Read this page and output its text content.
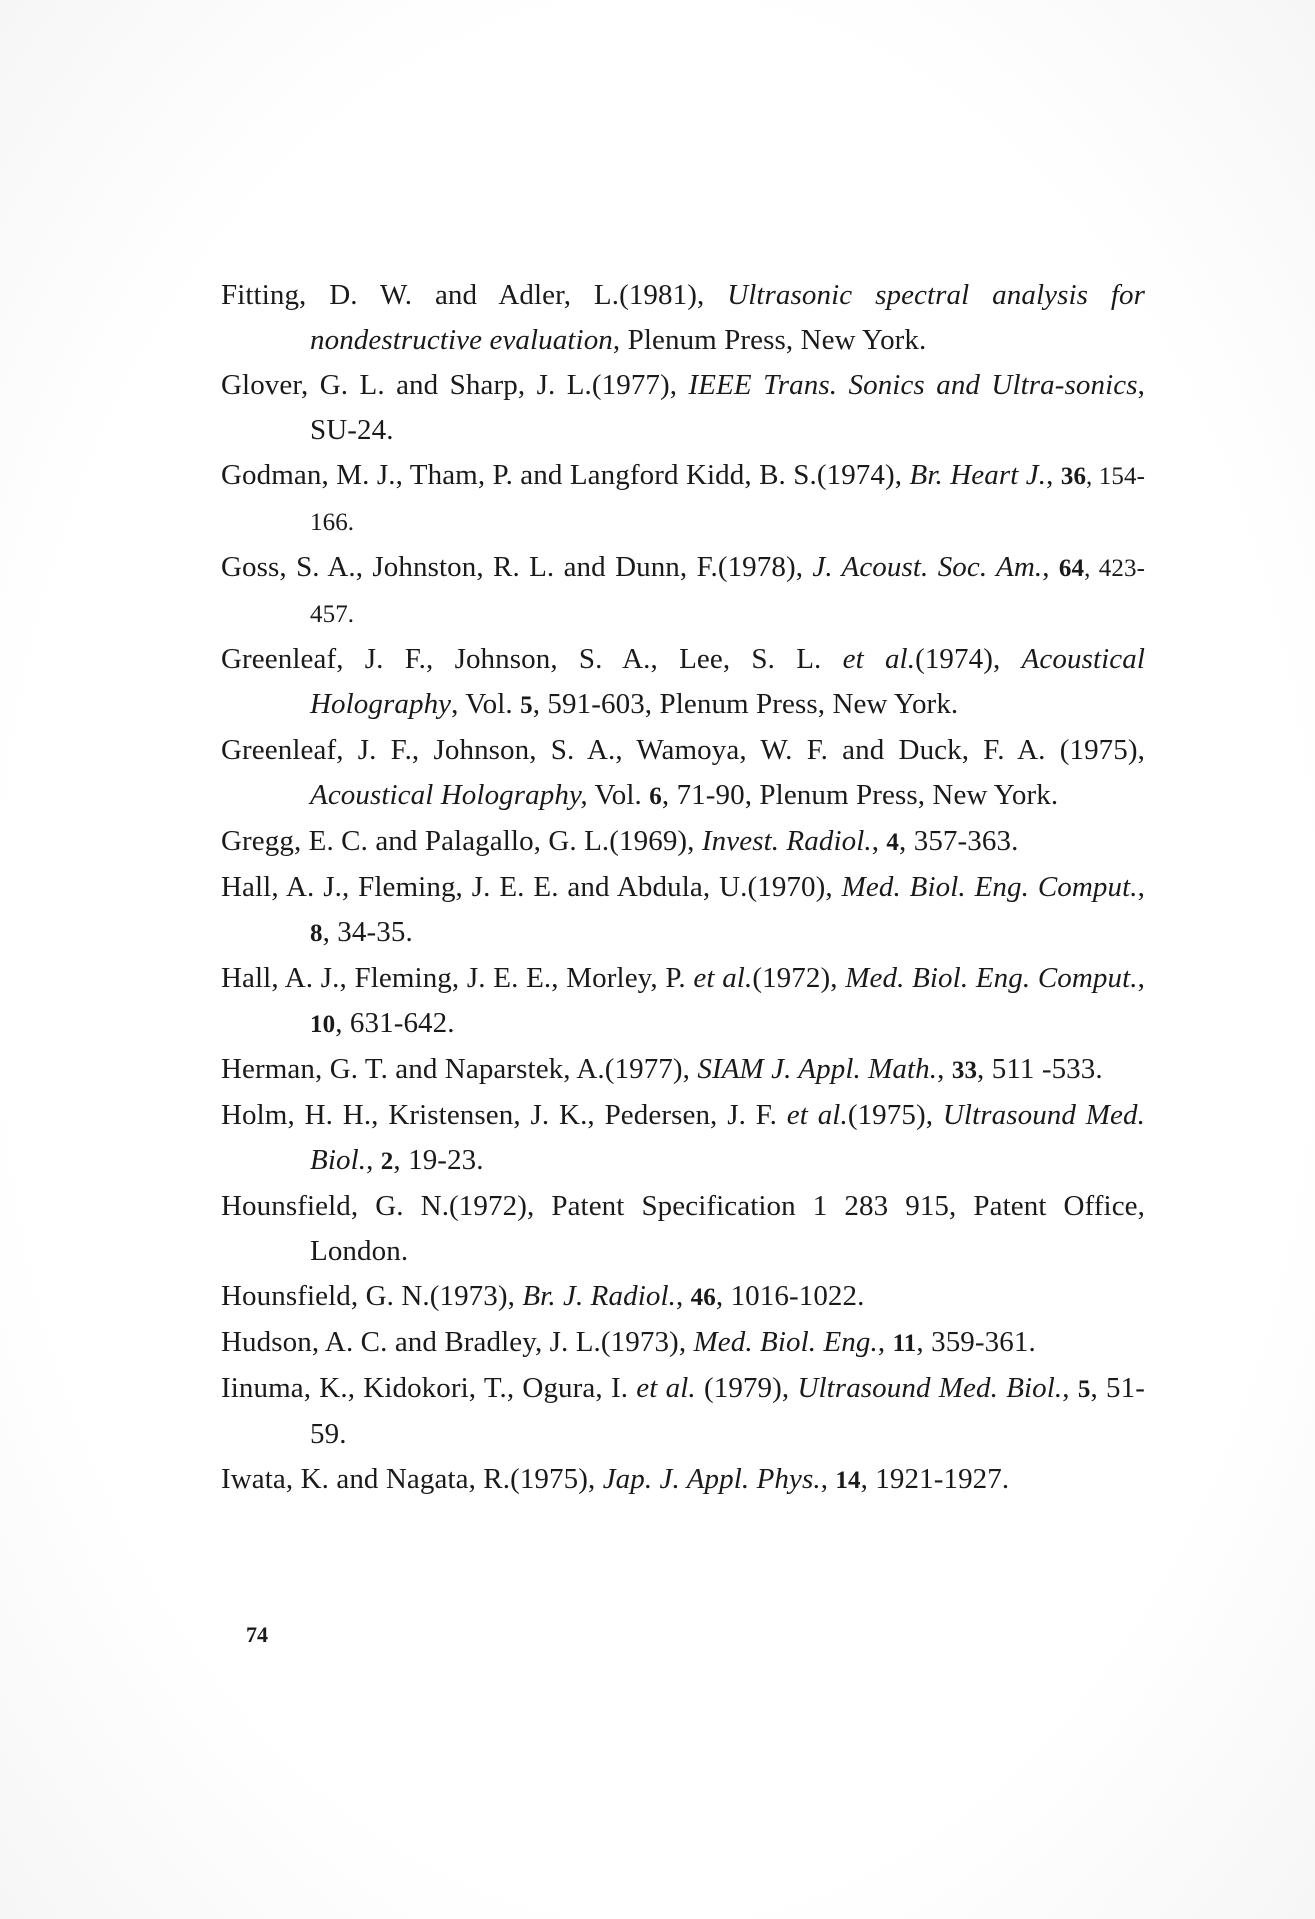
Fitting, D. W. and Adler, L.(1981), Ultrasonic spectral analysis for nondestructive evaluation, Plenum Press, New York.

Glover, G. L. and Sharp, J. L.(1977), IEEE Trans. Sonics and Ultra-sonics, SU-24.

Godman, M. J., Tham, P. and Langford Kidd, B. S.(1974), Br. Heart J., 36, 154-166.

Goss, S. A., Johnston, R. L. and Dunn, F.(1978), J. Acoust. Soc. Am., 64, 423-457.

Greenleaf, J. F., Johnson, S. A., Lee, S. L. et al.(1974), Acoustical Holography, Vol. 5, 591-603, Plenum Press, New York.

Greenleaf, J. F., Johnson, S. A., Wamoya, W. F. and Duck, F. A. (1975), Acoustical Holography, Vol. 6, 71-90, Plenum Press, New York.

Gregg, E. C. and Palagallo, G. L.(1969), Invest. Radiol., 4, 357-363.

Hall, A. J., Fleming, J. E. E. and Abdula, U.(1970), Med. Biol. Eng. Comput., 8, 34-35.

Hall, A. J., Fleming, J. E. E., Morley, P. et al.(1972), Med. Biol. Eng. Comput., 10, 631-642.

Herman, G. T. and Naparstek, A.(1977), SIAM J. Appl. Math., 33, 511 -533.

Holm, H. H., Kristensen, J. K., Pedersen, J. F. et al.(1975), Ultrasound Med. Biol., 2, 19-23.

Hounsfield, G. N.(1972), Patent Specification 1 283 915, Patent Office, London.

Hounsfield, G. N.(1973), Br. J. Radiol., 46, 1016-1022.

Hudson, A. C. and Bradley, J. L.(1973), Med. Biol. Eng., 11, 359-361.

Iinuma, K., Kidokori, T., Ogura, I. et al. (1979), Ultrasound Med. Biol., 5, 51-59.

Iwata, K. and Nagata, R.(1975), Jap. J. Appl. Phys., 14, 1921-1927.

74
